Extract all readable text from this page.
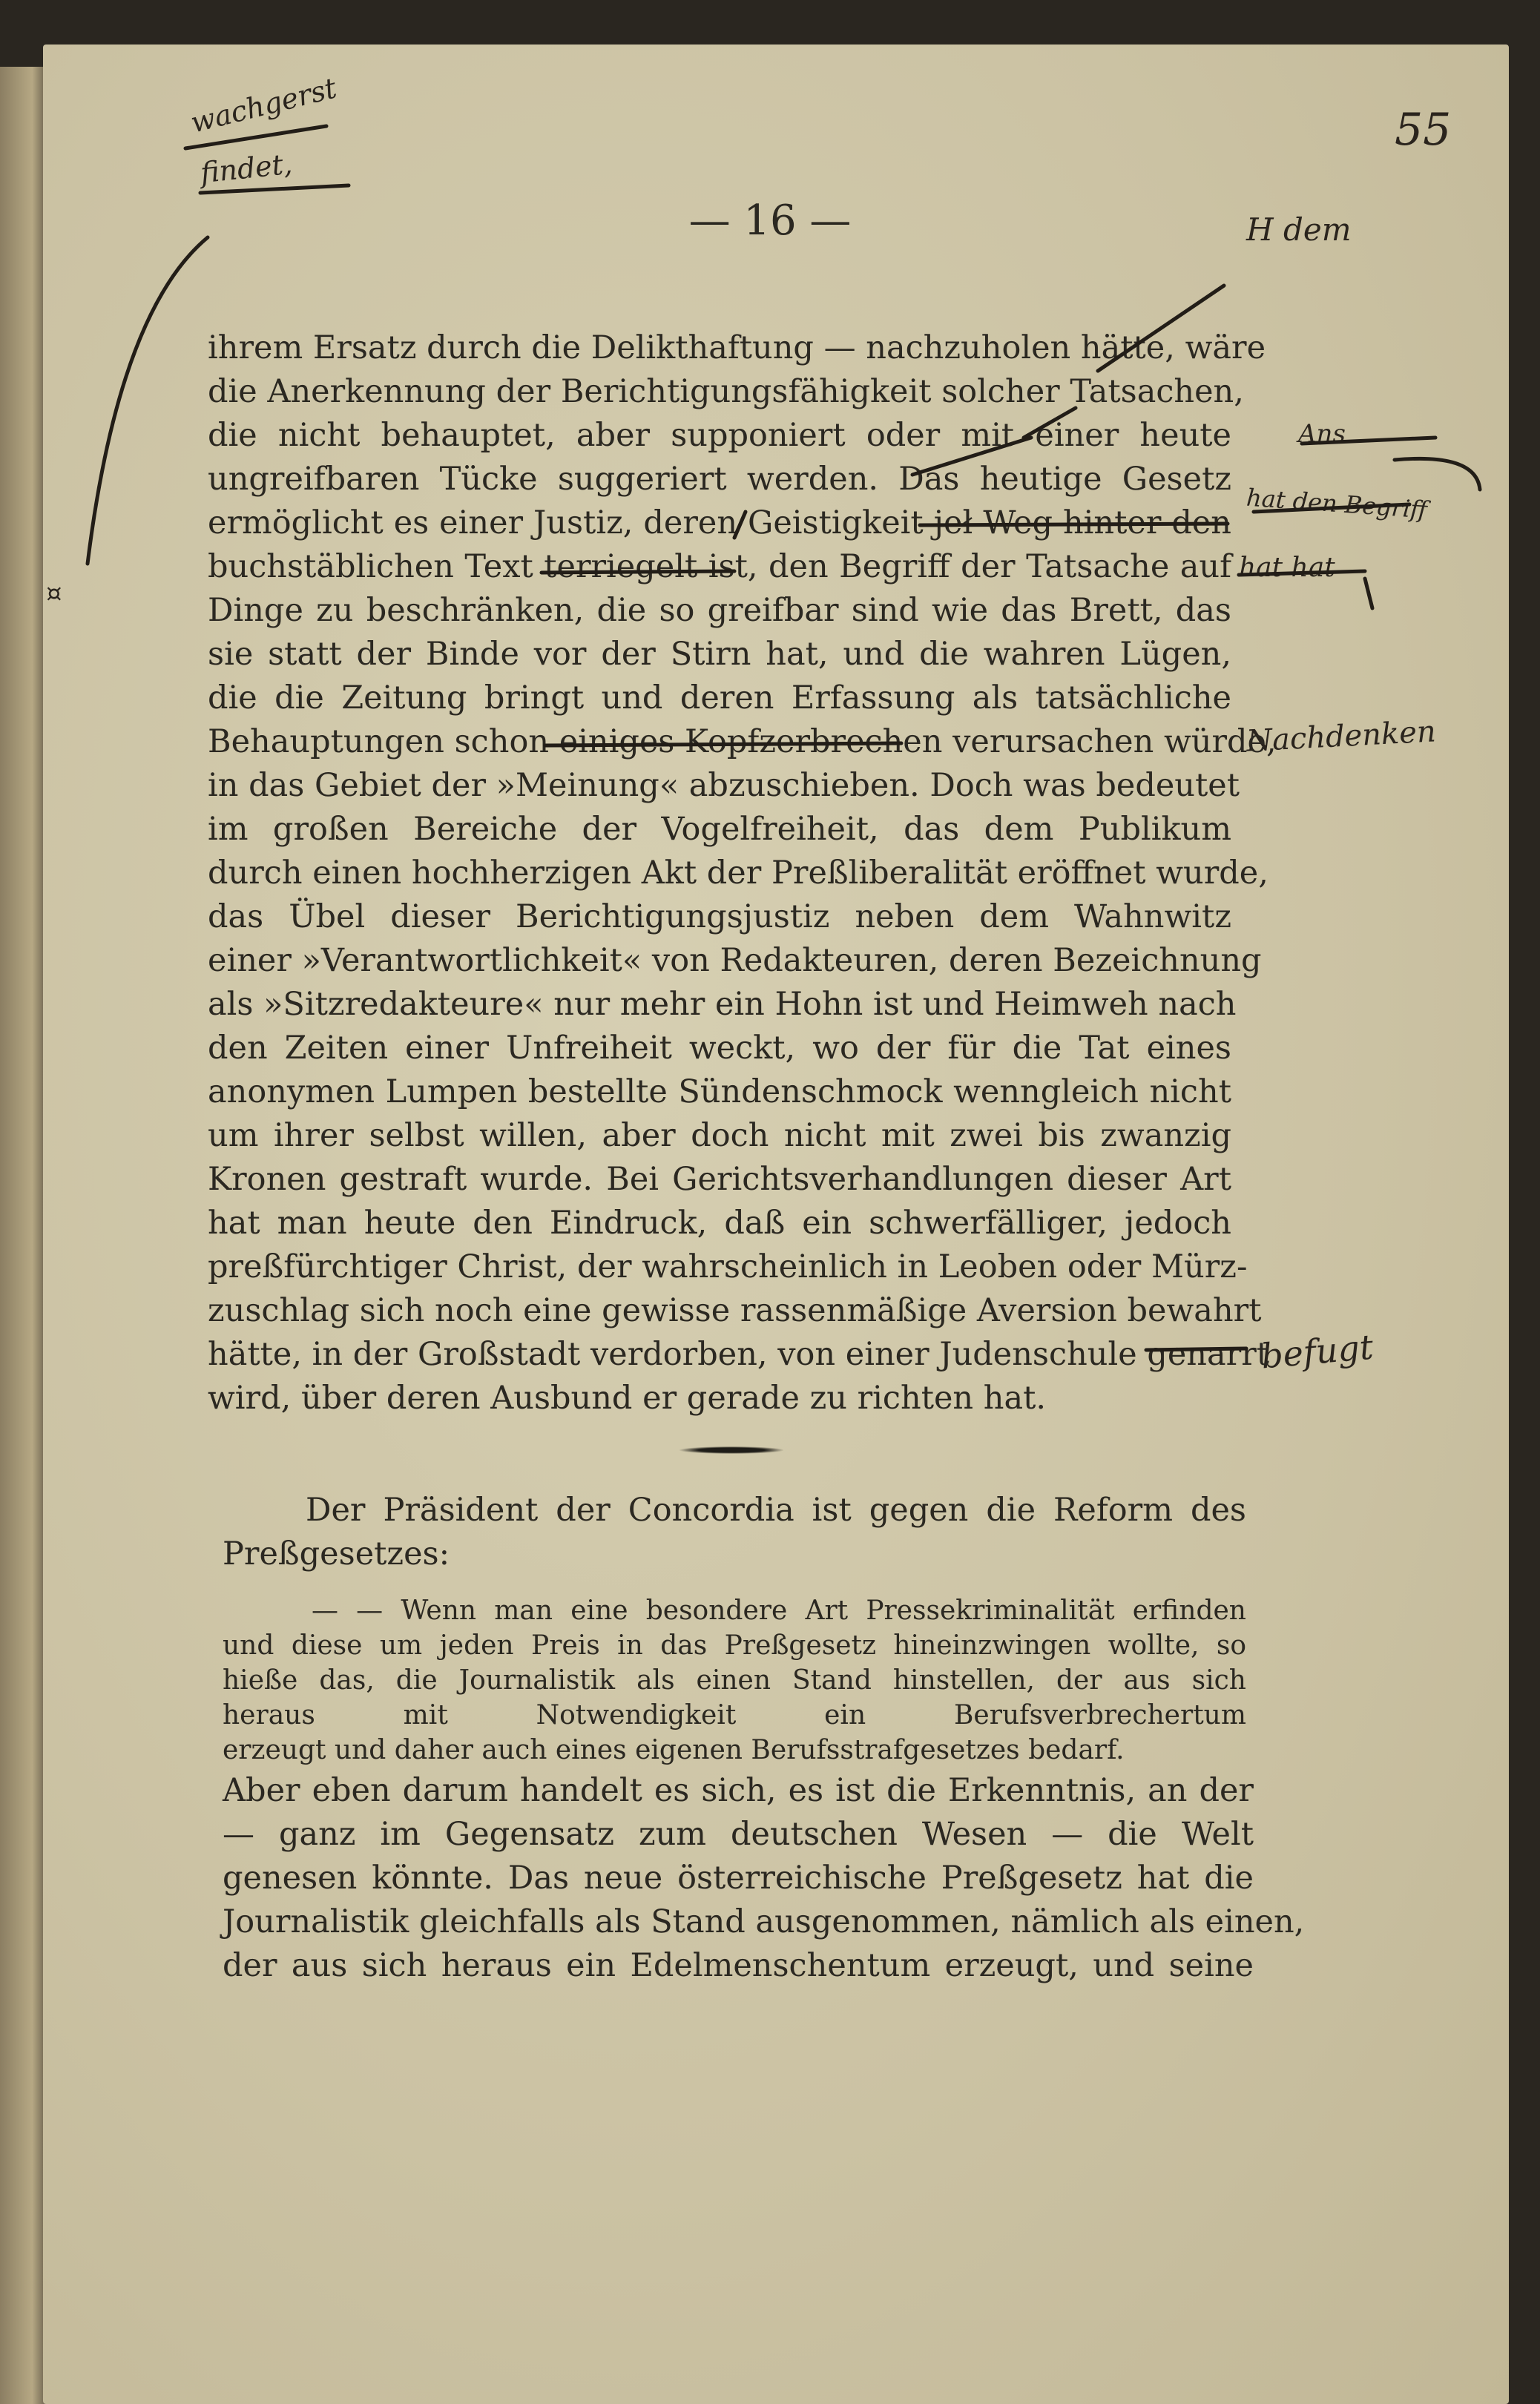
— 16 —
55
wachgerst
findet,
H dem
Ans
hat den Begriff
hat hat
Nachdenken
befugt
¤
ihrem Ersatz durch die Delikthaftung — nachzuholen hätte, wäre
die Anerkennung der Berichtigungsfähigkeit solcher Tatsachen,
die nicht behauptet, aber supponiert oder mit einer heute
ungreifbaren Tücke suggeriert werden. Das heutige Gesetz
ermöglicht es einer Justiz, deren Geistigkeit jeł Weg hinter den
buchstäblichen Text terriegelt ist, den Begriff der Tatsache auf
Dinge zu beschränken, die so greifbar sind wie das Brett, das
sie statt der Binde vor der Stirn hat, und die wahren Lügen,
die die Zeitung bringt und deren Erfassung als tatsächliche
Behauptungen schon einiges Kopfzerbrechen verursachen würde,
in das Gebiet der »Meinung« abzuschieben. Doch was bedeutet
im großen Bereiche der Vogelfreiheit, das dem Publikum
durch einen hochherzigen Akt der Preßliberalität eröffnet wurde,
das Übel dieser Berichtigungsjustiz neben dem Wahnwitz
einer »Verantwortlichkeit« von Redakteuren, deren Bezeichnung
als »Sitzredakteure« nur mehr ein Hohn ist und Heimweh nach
den Zeiten einer Unfreiheit weckt, wo der für die Tat eines
anonymen Lumpen bestellte Sündenschmock wenngleich nicht
um ihrer selbst willen, aber doch nicht mit zwei bis zwanzig
Kronen gestraft wurde. Bei Gerichtsverhandlungen dieser Art
hat man heute den Eindruck, daß ein schwerfälliger, jedoch
preßfürchtiger Christ, der wahrscheinlich in Leoben oder Mürz-
zuschlag sich noch eine gewisse rassenmäßige Aversion bewahrt
hätte, in der Großstadt verdorben, von einer Judenschule genarrt
wird, über deren Ausbund er gerade zu richten hat.
Der Präsident der Concordia ist gegen die Reform des
Preßgesetzes:
— — Wenn man eine besondere Art Pressekriminalität erfinden
und diese um jeden Preis in das Preßgesetz hineinzwingen wollte, so
hieße das, die Journalistik als einen Stand hinstellen, der aus sich
heraus mit Notwendigkeit ein Berufsverbrechertum
erzeugt und daher auch eines eigenen Berufsstrafgesetzes bedarf.
Aber eben darum handelt es sich, es ist die Erkenntnis, an der
— ganz im Gegensatz zum deutschen Wesen — die Welt
genesen könnte. Das neue österreichische Preßgesetz hat die
Journalistik gleichfalls als Stand ausgenommen, nämlich als einen,
der aus sich heraus ein Edelmenschentum erzeugt, und seine
